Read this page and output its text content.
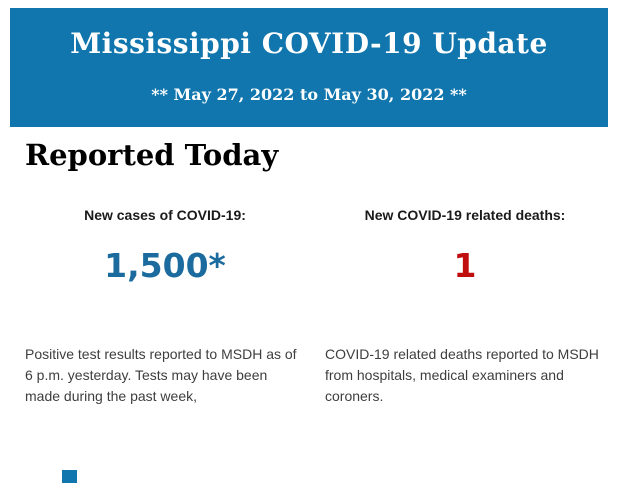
Mississippi COVID-19 Update
** May 27, 2022 to May 30, 2022 **
Reported Today
New cases of COVID-19:
1,500*
Positive test results reported to MSDH as of 6 p.m. yesterday. Tests may have been made during the past week,
New COVID-19 related deaths:
1
COVID-19 related deaths reported to MSDH from hospitals, medical examiners and coroners.
